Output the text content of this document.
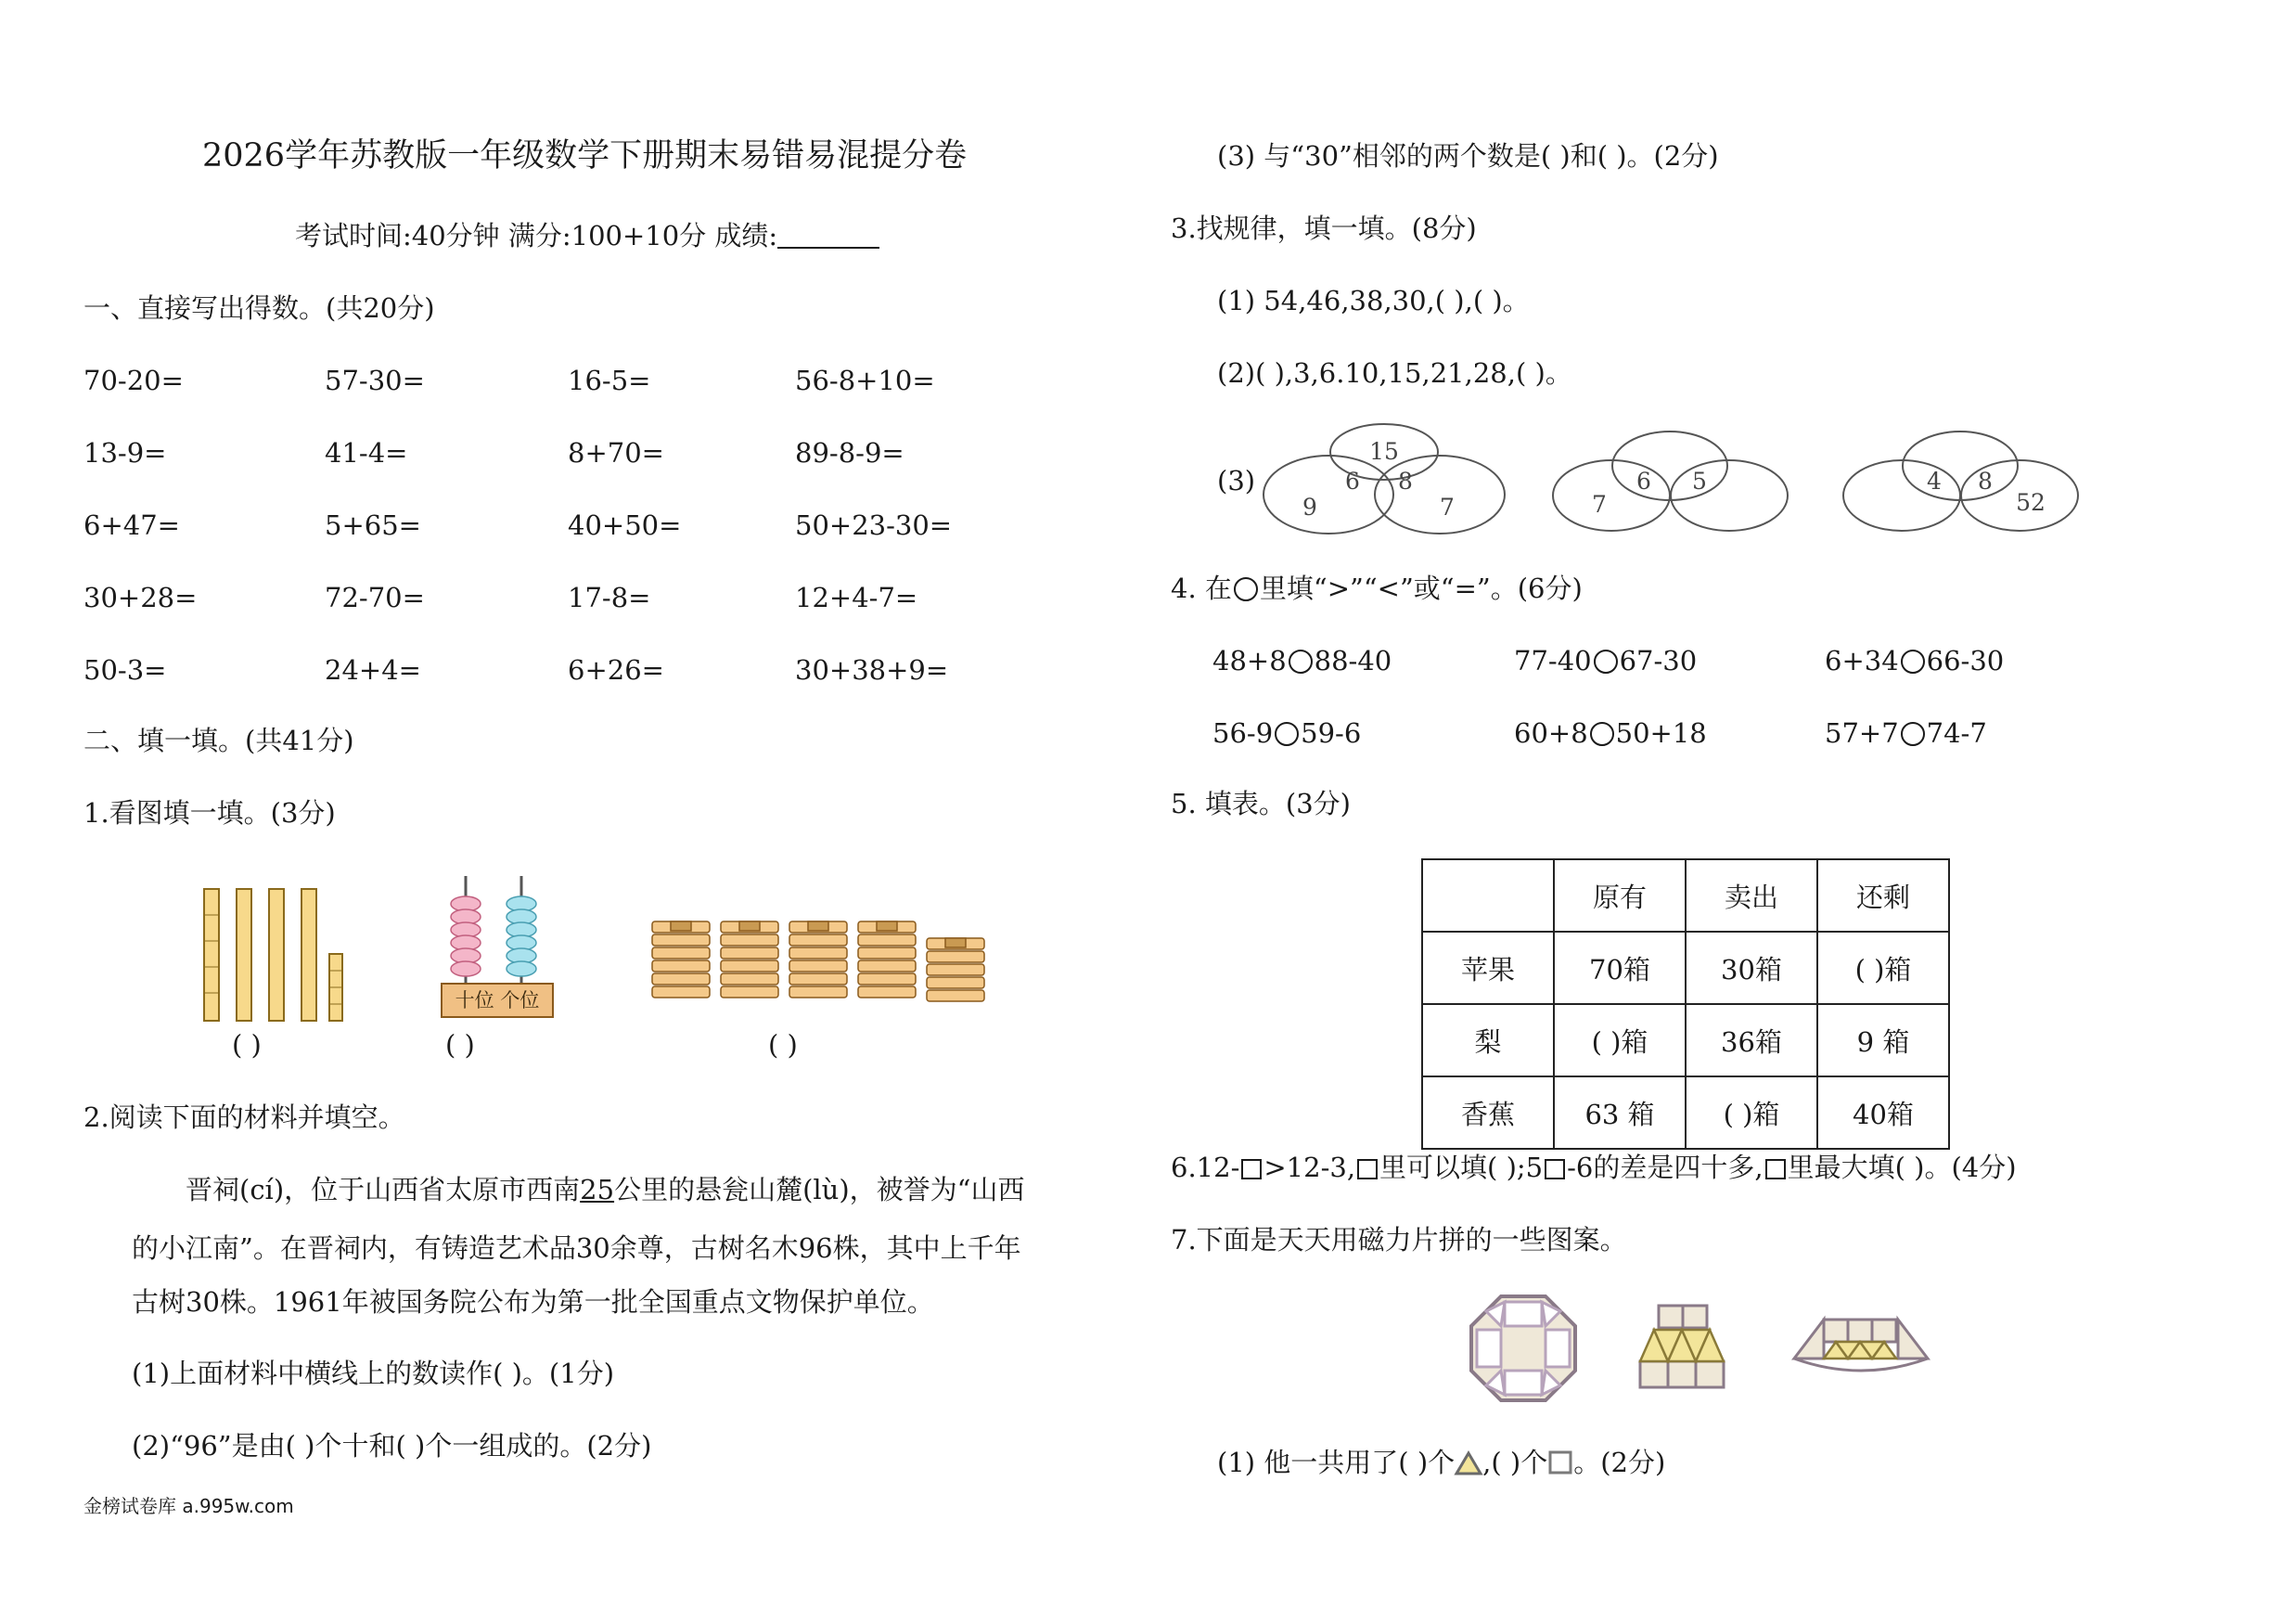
2026学年苏教版一年级数学下册期末易错易混提分卷
考试时间:40分钟 满分:100+10分 成绩:
一、直接写出得数。(共20分)
70-20=	57-30=	16-5=	56-8+10=
13-9=	41-4=	8+70=	89-8-9=
6+47=	5+65=	40+50=	50+23-30=
30+28=	72-70=	17-8=	12+4-7=
50-3=	24+4=	6+26=	30+38+9=
二、填一填。(共41分)
1.看图填一填。(3分)
( )
十位 个位
( )	( )
2.阅读下面的材料并填空。
晋祠(cí)，位于山西省太原市西南25公里的悬瓮山麓(lù)，被誉为“山西
的小江南”。在晋祠内，有铸造艺术品30余尊，古树名木96株，其中上千年
古树30株。1961年被国务院公布为第一批全国重点文物保护单位。
(1)上面材料中横线上的数读作( )。(1分)
(2)“96”是由( )个十和( )个一组成的。(2分)
金榜试卷库 a.995w.com
(3) 与“30”相邻的两个数是( )和( )。(2分)
3.找规律，填一填。(8分)
(1) 54,46,38,30,( ),( )。
(2)( ),3,6.10,15,21,28,( )。
(3)
15
6 8
9	7
6 5
7
4 8
52
4. 在 里填“>”“<”或“=”。(6分)
48+8 88-40	77-40 67-30	6+34 66-30
56-9 59-6	60+8 50+18	57+7 74-7
5. 填表。(3分)
	原有	卖出	还剩
苹果	70箱	30箱	( )箱
梨	( )箱	36箱	9 箱
香蕉	63 箱	( )箱	40箱
6.12- >12-3, 里可以填( );5 -6的差是四十多, 里最大填( )。(4分)
7.下面是天天用磁力片拼的一些图案。
(1) 他一共用了( )个 ,( )个 。(2分)
